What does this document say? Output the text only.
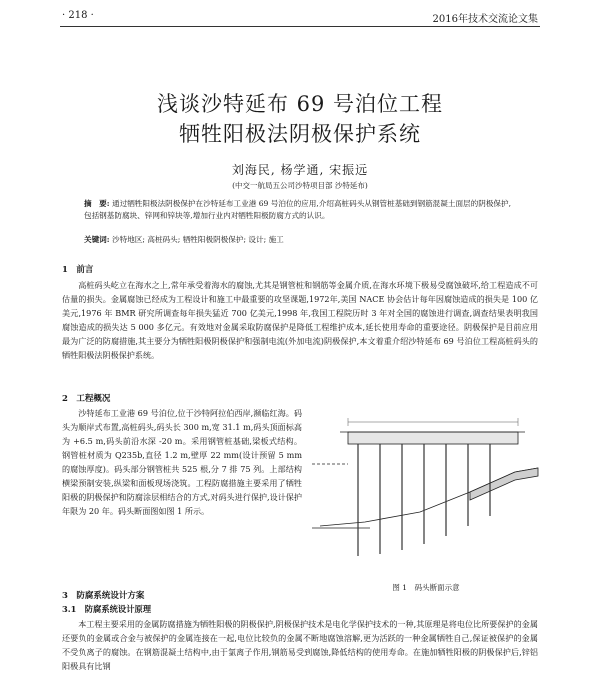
· 218 ·	2016年技术交流论文集
浅谈沙特延布 69 号泊位工程
牺牲阳极法阴极保护系统
刘海民, 杨学通, 宋振远
(中交一航局五公司沙特项目部 沙特延布)
摘　要: 通过牺牲阳极法阴极保护在沙特延布工业港 69 号泊位的应用,介绍高桩码头从钢管桩基础到钢筋混凝土面层的阴极保护,包括钢基防腐块、锌网和锌块等,增加行业内对牺牲阳极防腐方式的认识。
关键词: 沙特地区; 高桩码头; 牺牲阳极阴极保护; 设计; 施工
1　前言
高桩码头屹立在海水之上,常年承受着海水的腐蚀,尤其是钢管桩和钢筋等金属介质,在海水环境下极易受腐蚀破坏,给工程造成不可估量的损失。金属腐蚀已经成为工程设计和施工中最重要的攻坚课题,1972年,美国 NACE 协会估计每年因腐蚀造成的损失是 100 亿美元,1976 年 BMR 研究所调查每年损失猛近 700 亿美元,1998 年,我国工程院历时 3 年对全国的腐蚀进行调查,调查结果表明我国腐蚀造成的损失达 5 000 多亿元。有效地对金属采取防腐保护是降低工程维护成本,延长使用寿命的重要途径。阴极保护是目前应用最为广泛的防腐措施,其主要分为牺牲阳极阴极保护和强制电流(外加电流)阴极保护,本文着重介绍沙特延布 69 号泊位工程高桩码头的牺牲阳极法阴极保护系统。
2　工程概况
沙特延布工业港 69 号泊位,位于沙特阿拉伯西岸,濒临红海。码头为顺岸式布置,高桩码头,码头长 300 m,宽 31.1 m,码头顶面标高为 +6.5 m,码头前沿水深 -20 m。采用钢管桩基础,梁板式结构。钢管桩材质为 Q235b,直径 1.2 m,壁厚 22 mm(设计预留 5 mm 的腐蚀厚度)。码头部分钢管桩共 525 根,分 7 排 75 列。上部结构横梁预制安装,纵梁和面板现场浇筑。工程防腐措施主要采用了牺牲阳极的阴极保护和防腐涂层相结合的方式,对码头进行保护,设计保护年限为 20 年。码头断面图如图 1 所示。
图 1　码头断面示意
3　防腐系统设计方案
3.1　防腐系统设计原理
本工程主要采用的金属防腐措施为牺牲阳极的阴极保护,阴极保护技术是电化学保护技术的一种,其原理是将电位比所要保护的金属还要负的金属或合金与被保护的金属连接在一起,电位比较负的金属不断地腐蚀溶解,更为活跃的一种金属牺牲自己,保证被保护的金属不受负离子的腐蚀。在钢筋混凝土结构中,由于氯离子作用,钢筋易受到腐蚀,降低结构的使用寿命。在施加牺牲阳极的阴极保护后,锌铝阳极具有比钢
